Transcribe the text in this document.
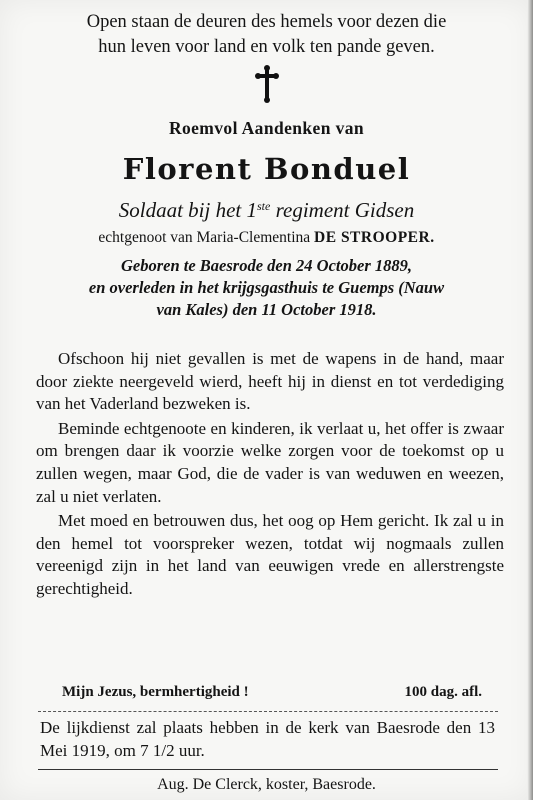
Open staan de deuren des hemels voor dezen die
hun leven voor land en volk ten pande geven.
Roemvol Aandenken van
Florent Bonduel
Soldaat bij het 1ste regiment Gidsen
echtgenoot van Maria-Clementina DE STROOPER.
Geboren te Baesrode den 24 October 1889,
en overleden in het krijgsgasthuis te Guemps (Nauw
van Kales) den 11 October 1918.

Ofschoon hij niet gevallen is met de wapens in de hand, maar door ziekte neergeveld wierd, heeft hij in dienst en tot verdediging van het Vaderland bezweken is.

Beminde echtgenoote en kinderen, ik verlaat u, het offer is zwaar om brengen daar ik voorzie welke zorgen voor de toekomst op u zullen wegen, maar God, die de vader is van weduwen en weezen, zal u niet verlaten.

Met moed en betrouwen dus, het oog op Hem gericht. Ik zal u in den hemel tot voorspreker wezen, totdat wij nogmaals zullen vereenigd zijn in het land van eeuwigen vrede en allerstrengste gerechtigheid.

Mijn Jezus, bermhertigheid !	100 dag. afl.
De lijkdienst zal plaats hebben in de kerk van Baesrode den 13 Mei 1919, om 7 1/2 uur.
Aug. De Clerck, koster, Baesrode.
